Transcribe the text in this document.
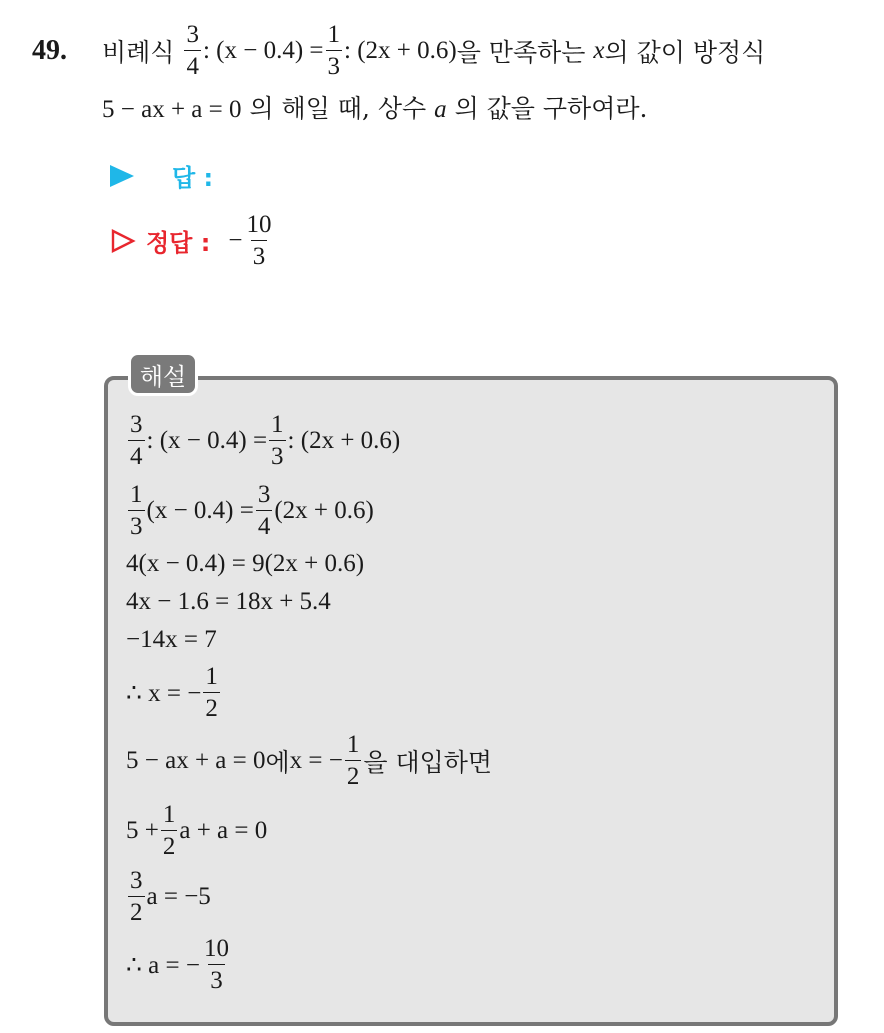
49.	비례식 $\frac{3}{4}$ : $(x - 0.4) = \frac{1}{3}$ : (2x + 0.6) 을 만족하는 x 의 값이 방정식
5 − ax + a = 0 의 해일 때, 상수 a 의 값을 구하여라.
답 :
정답 : − $\frac{10}{3}$
해설
$\frac{3}{4}$ : $(x - 0.4) = \frac{1}{3}$ : (2x + 0.6)
$\frac{1}{3} (x - 0.4) = \frac{3}{4} (2x + 0.6)$
4(x − 0.4) = 9(2x + 0.6)
4x − 1.6 = 18x + 5.4
−14x = 7
∴ x = − $\frac{1}{2}$
5 − ax + a = 0 에 x = − $\frac{1}{2}$ 을 대입하면
$5 + \frac{1}{2}$ a + a = 0
$\frac{3}{2}$ a = −5
∴ a = − $\frac{10}{3}$
